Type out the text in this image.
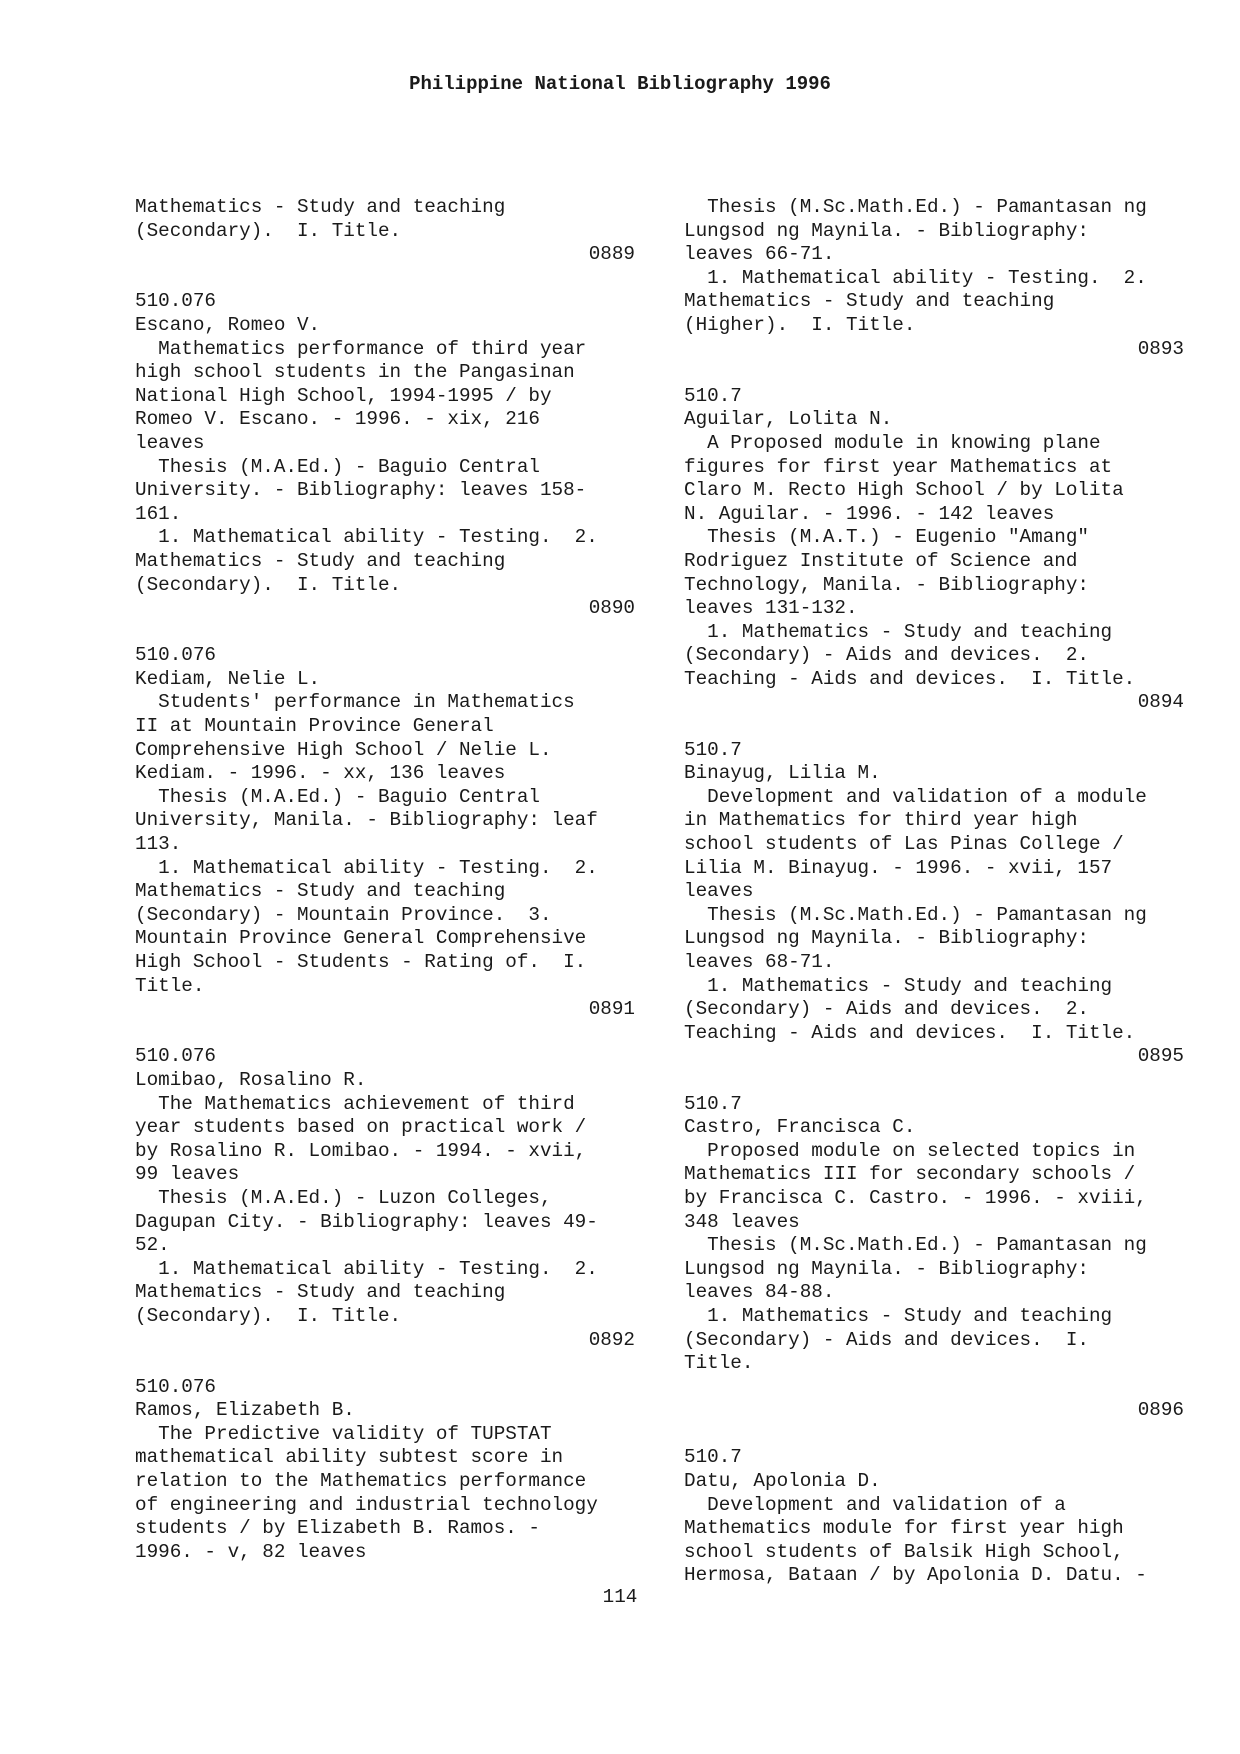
Philippine National Bibliography 1996
Mathematics - Study and teaching
(Secondary).  I. Title.
0889
510.076
Escano, Romeo V.
Mathematics performance of third year
high school students in the Pangasinan
National High School, 1994-1995 / by
Romeo V. Escano. - 1996. - xix, 216
leaves
Thesis (M.A.Ed.) - Baguio Central
University. - Bibliography: leaves 158-
161.
1. Mathematical ability - Testing.  2.
Mathematics - Study and teaching
(Secondary).  I. Title.
0890
510.076
Kediam, Nelie L.
Students' performance in Mathematics
II at Mountain Province General
Comprehensive High School / Nelie L.
Kediam. - 1996. - xx, 136 leaves
Thesis (M.A.Ed.) - Baguio Central
University, Manila. - Bibliography: leaf
113.
1. Mathematical ability - Testing.  2.
Mathematics - Study and teaching
(Secondary) - Mountain Province.  3.
Mountain Province General Comprehensive
High School - Students - Rating of.  I.
Title.
0891
510.076
Lomibao, Rosalino R.
The Mathematics achievement of third
year students based on practical work /
by Rosalino R. Lomibao. - 1994. - xvii,
99 leaves
Thesis (M.A.Ed.) - Luzon Colleges,
Dagupan City. - Bibliography: leaves 49-
52.
1. Mathematical ability - Testing.  2.
Mathematics - Study and teaching
(Secondary).  I. Title.
0892
510.076
Ramos, Elizabeth B.
The Predictive validity of TUPSTAT
mathematical ability subtest score in
relation to the Mathematics performance
of engineering and industrial technology
students / by Elizabeth B. Ramos. -
1996. - v, 82 leaves
Thesis (M.Sc.Math.Ed.) - Pamantasan ng
Lungsod ng Maynila. - Bibliography:
leaves 66-71.
1. Mathematical ability - Testing.  2.
Mathematics - Study and teaching
(Higher).  I. Title.
0893
510.7
Aguilar, Lolita N.
A Proposed module in knowing plane
figures for first year Mathematics at
Claro M. Recto High School / by Lolita
N. Aguilar. - 1996. - 142 leaves
Thesis (M.A.T.) - Eugenio "Amang"
Rodriguez Institute of Science and
Technology, Manila. - Bibliography:
leaves 131-132.
1. Mathematics - Study and teaching
(Secondary) - Aids and devices.  2.
Teaching - Aids and devices.  I. Title.
0894
510.7
Binayug, Lilia M.
Development and validation of a module
in Mathematics for third year high
school students of Las Pinas College /
Lilia M. Binayug. - 1996. - xvii, 157
leaves
Thesis (M.Sc.Math.Ed.) - Pamantasan ng
Lungsod ng Maynila. - Bibliography:
leaves 68-71.
1. Mathematics - Study and teaching
(Secondary) - Aids and devices.  2.
Teaching - Aids and devices.  I. Title.
0895
510.7
Castro, Francisca C.
Proposed module on selected topics in
Mathematics III for secondary schools /
by Francisca C. Castro. - 1996. - xviii,
348 leaves
Thesis (M.Sc.Math.Ed.) - Pamantasan ng
Lungsod ng Maynila. - Bibliography:
leaves 84-88.
1. Mathematics - Study and teaching
(Secondary) - Aids and devices.  I.
Title.
0896
510.7
Datu, Apolonia D.
Development and validation of a
Mathematics module for first year high
school students of Balsik High School,
Hermosa, Bataan / by Apolonia D. Datu. -
114
